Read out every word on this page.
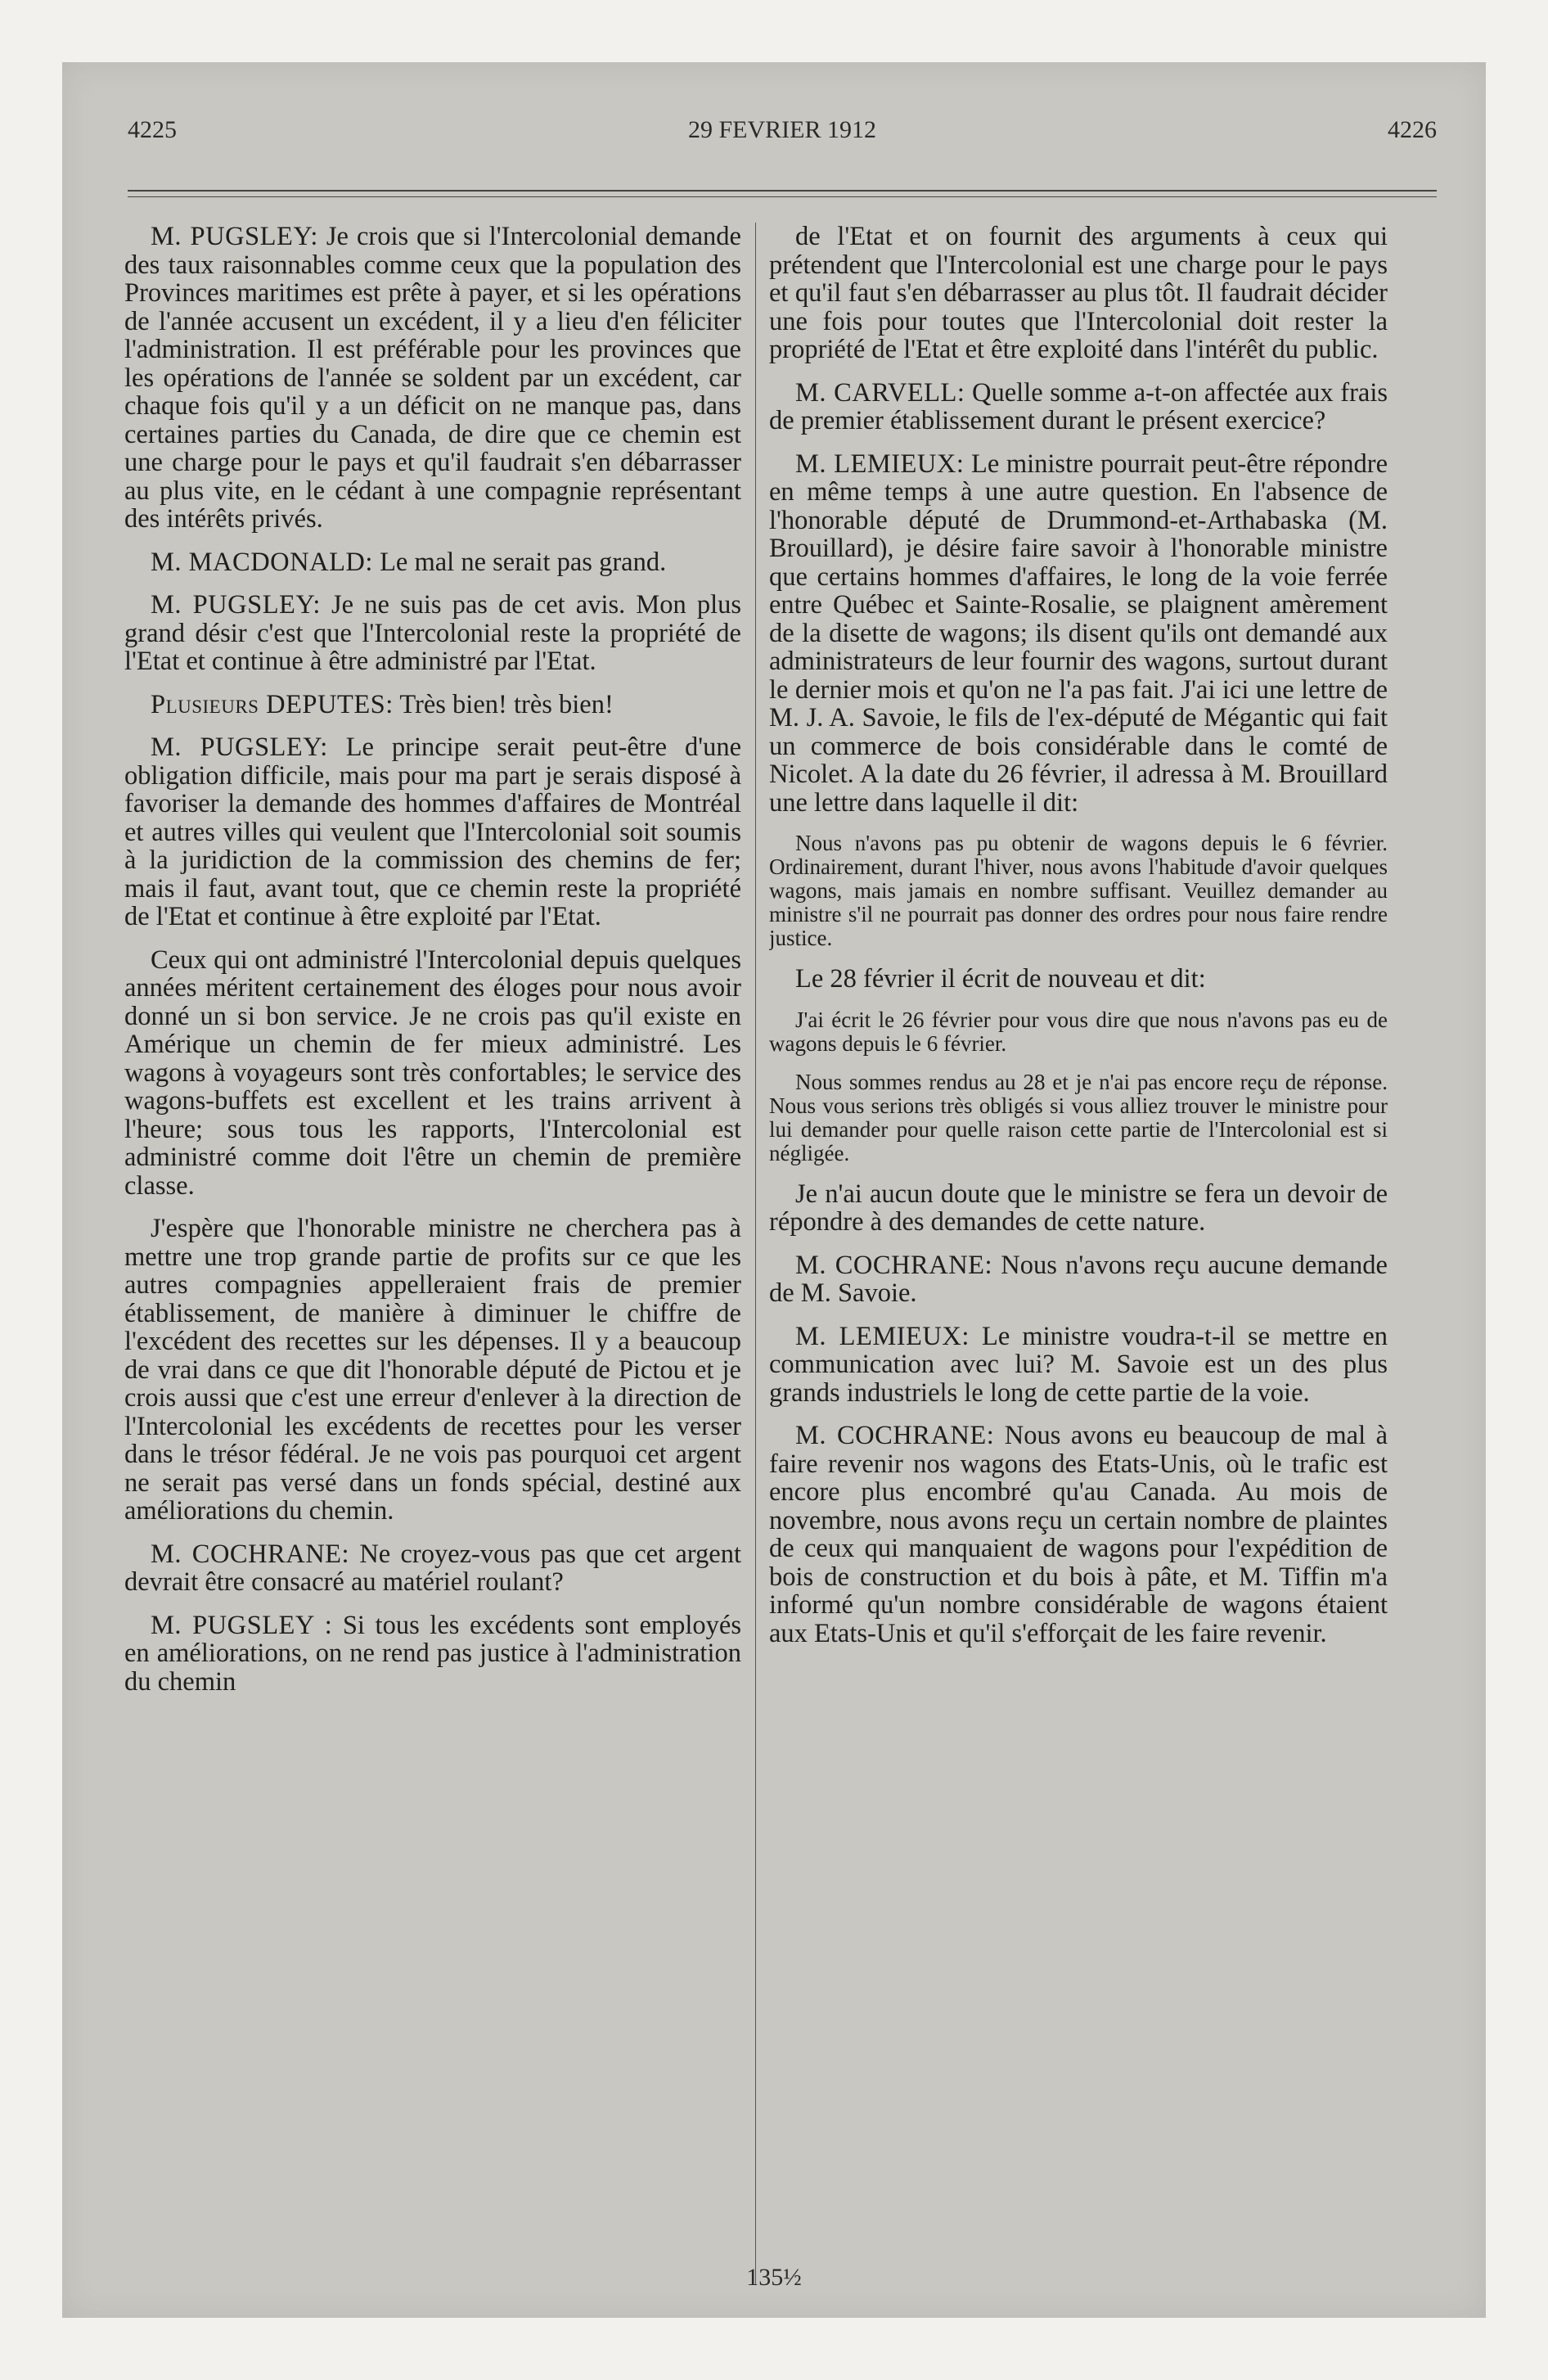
4225	29 FEVRIER 1912	4226

M. PUGSLEY: Je crois que si l'Intercolonial demande des taux raisonnables comme ceux que la population des Provinces maritimes est prête à payer, et si les opérations de l'année accusent un excédent, il y a lieu d'en féliciter l'administration. Il est préférable pour les provinces que les opérations de l'année se soldent par un excédent, car chaque fois qu'il y a un déficit on ne manque pas, dans certaines parties du Canada, de dire que ce chemin est une charge pour le pays et qu'il faudrait s'en débarrasser au plus vite, en le cédant à une compagnie représentant des intérêts privés.

M. MACDONALD: Le mal ne serait pas grand.

M. PUGSLEY: Je ne suis pas de cet avis. Mon plus grand désir c'est que l'Intercolonial reste la propriété de l'Etat et continue à être administré par l'Etat.

Plusieurs DEPUTES: Très bien! très bien!

M. PUGSLEY: Le principe serait peut-être d'une obligation difficile, mais pour ma part je serais disposé à favoriser la demande des hommes d'affaires de Montréal et autres villes qui veulent que l'Intercolonial soit soumis à la juridiction de la commission des chemins de fer; mais il faut, avant tout, que ce chemin reste la propriété de l'Etat et continue à être exploité par l'Etat.

Ceux qui ont administré l'Intercolonial depuis quelques années méritent certainement des éloges pour nous avoir donné un si bon service. Je ne crois pas qu'il existe en Amérique un chemin de fer mieux administré. Les wagons à voyageurs sont très confortables; le service des wagons-buffets est excellent et les trains arrivent à l'heure; sous tous les rapports, l'Intercolonial est administré comme doit l'être un chemin de première classe.

J'espère que l'honorable ministre ne cherchera pas à mettre une trop grande partie de profits sur ce que les autres compagnies appelleraient frais de premier établissement, de manière à diminuer le chiffre de l'excédent des recettes sur les dépenses. Il y a beaucoup de vrai dans ce que dit l'honorable député de Pictou et je crois aussi que c'est une erreur d'enlever à la direction de l'Intercolonial les excédents de recettes pour les verser dans le trésor fédéral. Je ne vois pas pourquoi cet argent ne serait pas versé dans un fonds spécial, destiné aux améliorations du chemin.

M. COCHRANE: Ne croyez-vous pas que cet argent devrait être consacré au matériel roulant?

M. PUGSLEY : Si tous les excédents sont employés en améliorations, on ne rend pas justice à l'administration du chemin

de l'Etat et on fournit des arguments à ceux qui prétendent que l'Intercolonial est une charge pour le pays et qu'il faut s'en débarrasser au plus tôt. Il faudrait décider une fois pour toutes que l'Intercolonial doit rester la propriété de l'Etat et être exploité dans l'intérêt du public.

M. CARVELL: Quelle somme a-t-on affectée aux frais de premier établissement durant le présent exercice?

M. LEMIEUX: Le ministre pourrait peut-être répondre en même temps à une autre question. En l'absence de l'honorable député de Drummond-et-Arthabaska (M. Brouillard), je désire faire savoir à l'honorable ministre que certains hommes d'affaires, le long de la voie ferrée entre Québec et Sainte-Rosalie, se plaignent amèrement de la disette de wagons; ils disent qu'ils ont demandé aux administrateurs de leur fournir des wagons, surtout durant le dernier mois et qu'on ne l'a pas fait. J'ai ici une lettre de M. J. A. Savoie, le fils de l'ex-député de Mégantic qui fait un commerce de bois considérable dans le comté de Nicolet. A la date du 26 février, il adressa à M. Brouillard une lettre dans laquelle il dit:

Nous n'avons pas pu obtenir de wagons depuis le 6 février. Ordinairement, durant l'hiver, nous avons l'habitude d'avoir quelques wagons, mais jamais en nombre suffisant. Veuillez demander au ministre s'il ne pourrait pas donner des ordres pour nous faire rendre justice.

Le 28 février il écrit de nouveau et dit:

J'ai écrit le 26 février pour vous dire que nous n'avons pas eu de wagons depuis le 6 février.
Nous sommes rendus au 28 et je n'ai pas encore reçu de réponse. Nous vous serions très obligés si vous alliez trouver le ministre pour lui demander pour quelle raison cette partie de l'Intercolonial est si négligée.

Je n'ai aucun doute que le ministre se fera un devoir de répondre à des demandes de cette nature.

M. COCHRANE: Nous n'avons reçu aucune demande de M. Savoie.

M. LEMIEUX: Le ministre voudra-t-il se mettre en communication avec lui? M. Savoie est un des plus grands industriels le long de cette partie de la voie.

M. COCHRANE: Nous avons eu beaucoup de mal à faire revenir nos wagons des Etats-Unis, où le trafic est encore plus encombré qu'au Canada. Au mois de novembre, nous avons reçu un certain nombre de plaintes de ceux qui manquaient de wagons pour l'expédition de bois de construction et du bois à pâte, et M. Tiffin m'a informé qu'un nombre considérable de wagons étaient aux Etats-Unis et qu'il s'efforçait de les faire revenir.

135½
